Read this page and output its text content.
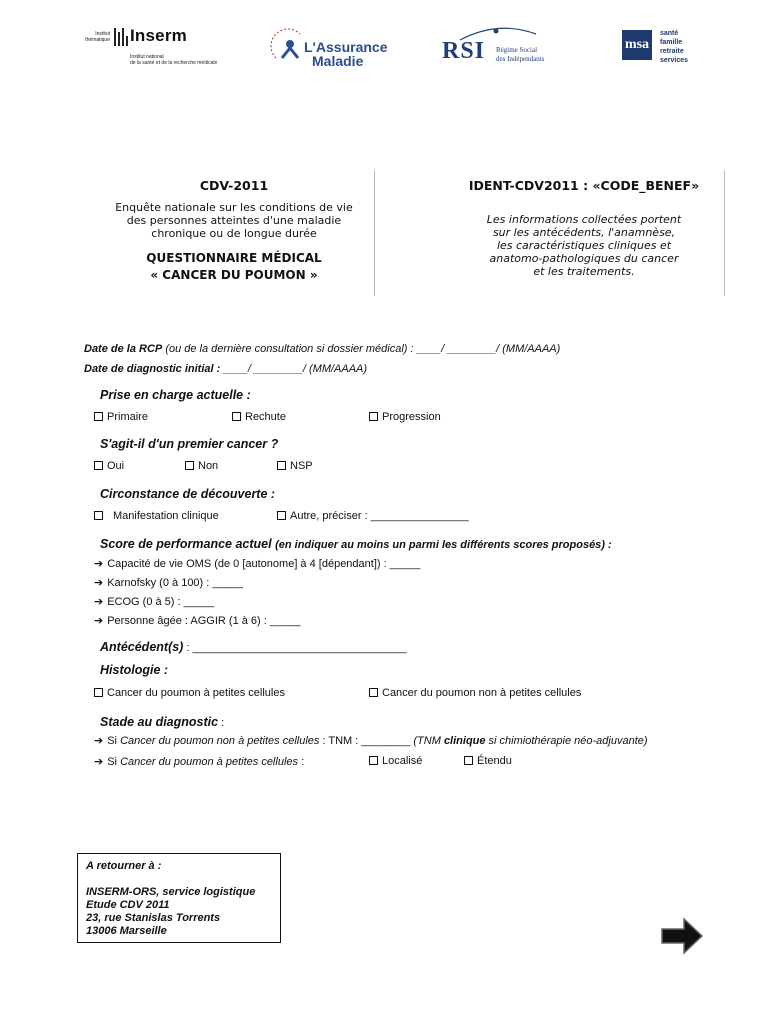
Institut thématique Inserm
Institut national
de la santé et de la recherche médicale
L'Assurance
Maladie	RSI Régime Social
des Indépendants
msa
santé
famille
retraite
services
CDV-2011
Enquête nationale sur les conditions de vie
des personnes atteintes d'une maladie
chronique ou de longue durée
QUESTIONNAIRE MÉDICAL
« CANCER DU POUMON »
IDENT-CDV2011 : «CODE_BENEF»
Les informations collectées portent
sur les antécédents, l'anamnèse,
les caractéristiques cliniques et
anatomo-pathologiques du cancer
et les traitements.
Date de la RCP (ou de la dernière consultation si dossier médical) : ____/ ________/ (MM/AAAA)
Date de diagnostic initial : ____/ ________/ (MM/AAAA)
Prise en charge actuelle :
Primaire	Rechute	Progression
S'agit-il d'un premier cancer ?
Oui	Non	NSP
Circonstance de découverte :
Manifestation clinique	Autre, préciser : ________________
Score de performance actuel (en indiquer au moins un parmi les différents scores proposés) :
➔ Capacité de vie OMS (de 0 [autonome] à 4 [dépendant]) : _____
➔ Karnofsky (0 à 100) : _____
➔ ECOG (0 à 5) : _____
➔ Personne âgée : AGGIR (1 à 6) : _____
Antécédent(s) : ___________________________________
Histologie :
Cancer du poumon à petites cellules	Cancer du poumon non à petites cellules
Stade au diagnostic :
➔ Si Cancer du poumon non à petites cellules : TNM : ________ (TNM clinique si chimiothérapie néo-adjuvante)
➔ Si Cancer du poumon à petites cellules :	Localisé	Étendu
A retourner à :
INSERM-ORS, service logistique
Etude CDV 2011
23, rue Stanislas Torrents
13006 Marseille
